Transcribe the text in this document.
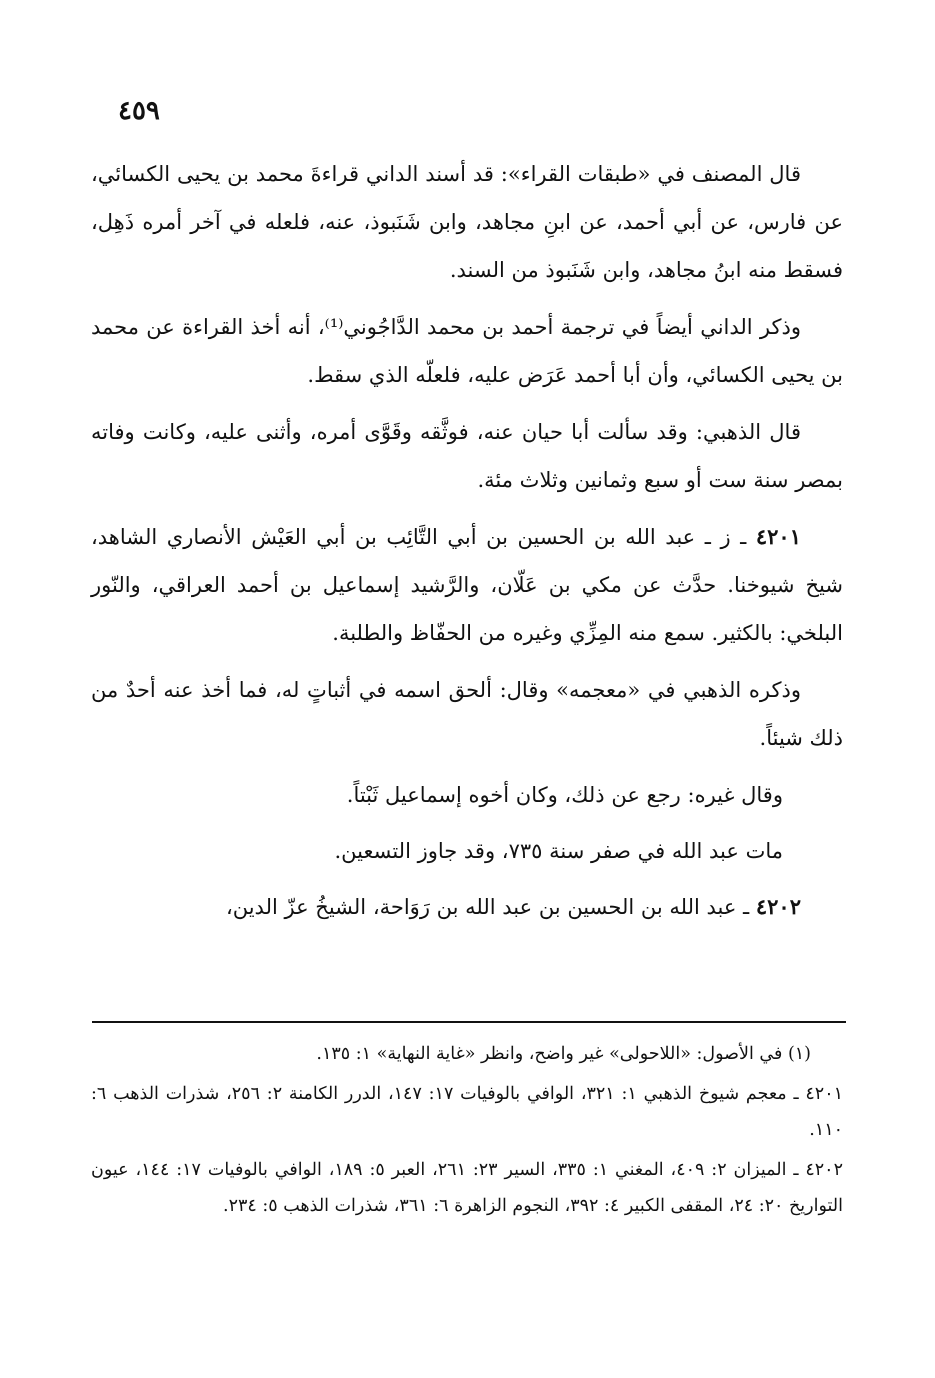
٤٥٩

قال المصنف في «طبقات القراء»: قد أسند الداني قراءةَ محمد بن يحيى الكسائي، عن فارس، عن أبي أحمد، عن ابنِ مجاهد، وابن شَنَبوذ، عنه، فلعله في آخر أمره ذَهِل، فسقط منه ابنُ مجاهد، وابن شَنَبوذ من السند.

وذكر الداني أيضاً في ترجمة أحمد بن محمد الدَّاجُوني⁽¹⁾، أنه أخذ القراءة عن محمد بن يحيى الكسائي، وأن أبا أحمد عَرَض عليه، فلعلّه الذي سقط.

قال الذهبي: وقد سألت أبا حيان عنه، فوثَّقه وقَوَّى أمره، وأثنى عليه، وكانت وفاته بمصر سنة ست أو سبع وثمانين وثلاث مئة.

٤٢٠١ ـ ز ـ عبد الله بن الحسين بن أبي التَّائِب بن أبي العَيْش الأنصاري الشاهد، شيخ شيوخنا. حدَّث عن مكي بن عَلّان، والرَّشيد إسماعيل بن أحمد العراقي، والنّور البلخي: بالكثير. سمع منه المِزِّي وغيره من الحفّاظ والطلبة.

وذكره الذهبي في «معجمه» وقال: ألحق اسمه في أثباتٍ له، فما أخذ عنه أحدٌ من ذلك شيئاً.

وقال غيره: رجع عن ذلك، وكان أخوه إسماعيل ثَبْتاً.

مات عبد الله في صفر سنة ٧٣٥، وقد جاوز التسعين.

٤٢٠٢ ـ عبد الله بن الحسين بن عبد الله بن رَوَاحة، الشيخُ عزّ الدين،

(١) في الأصول: «اللاحولى» غير واضح، وانظر «غاية النهاية» ١: ١٣٥.

٤٢٠١ ـ معجم شيوخ الذهبي ١: ٣٢١، الوافي بالوفيات ١٧: ١٤٧، الدرر الكامنة ٢: ٢٥٦، شذرات الذهب ٦: ١١٠.

٤٢٠٢ ـ الميزان ٢: ٤٠٩، المغني ١: ٣٣٥، السير ٢٣: ٢٦١، العبر ٥: ١٨٩، الوافي بالوفيات ١٧: ١٤٤، عيون التواريخ ٢٠: ٢٤، المقفى الكبير ٤: ٣٩٢، النجوم الزاهرة ٦: ٣٦١، شذرات الذهب ٥: ٢٣٤.
